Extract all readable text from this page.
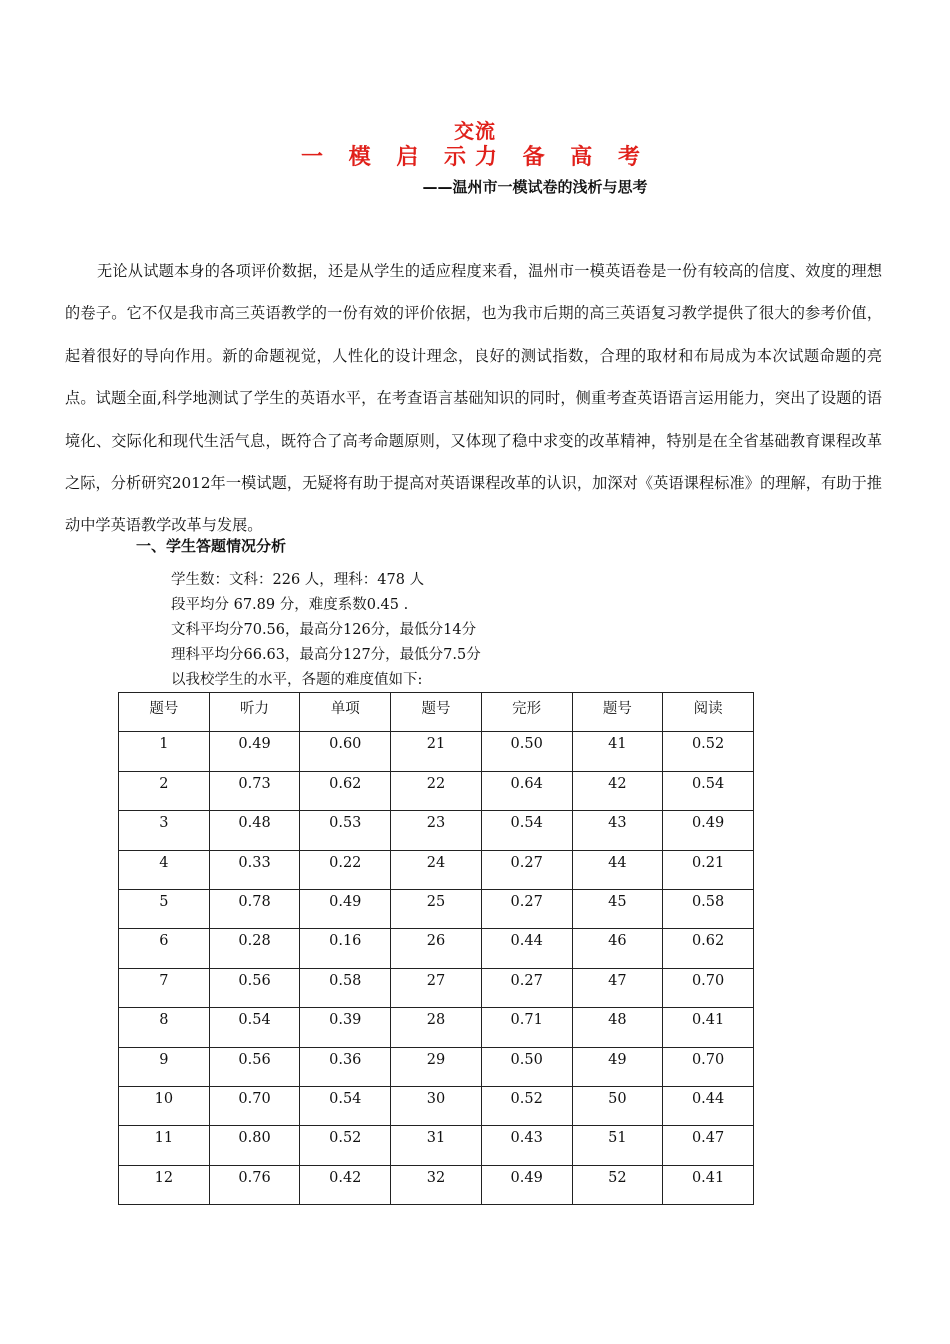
交流
一 模 启 示力 备 高 考
——温州市一模试卷的浅析与思考

无论从试题本身的各项评价数据，还是从学生的适应程度来看，温州市一模英语卷是一份有较高的信度、效度的理想的卷子。它不仅是我市高三英语教学的一份有效的评价依据，也为我市后期的高三英语复习教学提供了很大的参考价值，起着很好的导向作用。新的命题视觉，人性化的设计理念，良好的测试指数，合理的取材和布局成为本次试题命题的亮点。试题全面,科学地测试了学生的英语水平，在考查语言基础知识的同时，侧重考查英语语言运用能力，突出了设题的语境化、交际化和现代生活气息，既符合了高考命题原则，又体现了稳中求变的改革精神，特别是在全省基础教育课程改革之际，分析研究2012年一模试题，无疑将有助于提高对英语课程改革的认识，加深对《英语课程标准》的理解，有助于推动中学英语教学改革与发展。

一、学生答题情况分析
学生数：文科：226 人，理科：478 人
段平均分 67.89 分，难度系数0.45 .
文科平均分70.56，最高分126分，最低分14分
理科平均分66.63，最高分127分，最低分7.5分
以我校学生的水平，各题的难度值如下:
题号	听力	单项	题号	完形	题号	阅读
1	0.49	0.60	21	0.50	41	0.52
2	0.73	0.62	22	0.64	42	0.54
3	0.48	0.53	23	0.54	43	0.49
4	0.33	0.22	24	0.27	44	0.21
5	0.78	0.49	25	0.27	45	0.58
6	0.28	0.16	26	0.44	46	0.62
7	0.56	0.58	27	0.27	47	0.70
8	0.54	0.39	28	0.71	48	0.41
9	0.56	0.36	29	0.50	49	0.70
10	0.70	0.54	30	0.52	50	0.44
11	0.80	0.52	31	0.43	51	0.47
12	0.76	0.42	32	0.49	52	0.41
